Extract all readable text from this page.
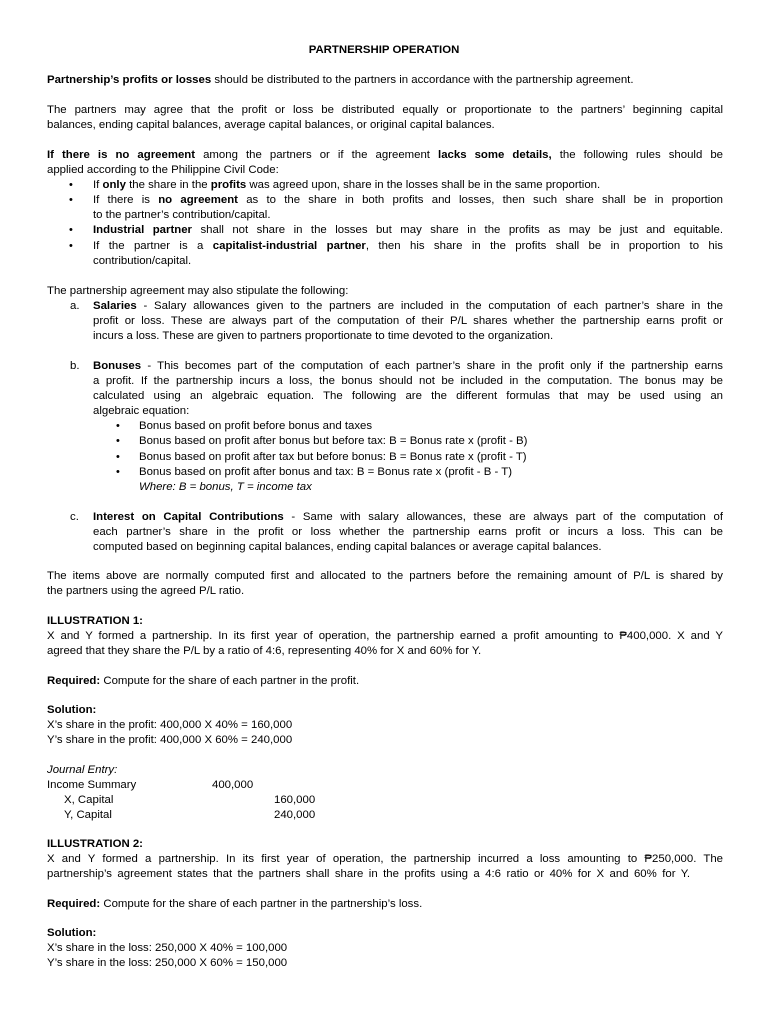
PARTNERSHIP OPERATION
Partnership’s profits or losses should be distributed to the partners in accordance with the partnership agreement.
The partners may agree that the profit or loss be distributed equally or proportionate to the partners’ beginning capital
balances, ending capital balances, average capital balances, or original capital balances.
If there is no agreement among the partners or if the agreement lacks some details, the following rules should be
applied according to the Philippine Civil Code:
• If only the share in the profits was agreed upon, share in the losses shall be in the same proportion.
• If there is no agreement as to the share in both profits and losses, then such share shall be in proportion
to the partner’s contribution/capital.
• Industrial partner shall not share in the losses but may share in the profits as may be just and equitable.
• If the partner is a capitalist-industrial partner, then his share in the profits shall be in proportion to his
contribution/capital.
The partnership agreement may also stipulate the following:
a. Salaries - Salary allowances given to the partners are included in the computation of each partner’s share in the
profit or loss. These are always part of the computation of their P/L shares whether the partnership earns profit or
incurs a loss. These are given to partners proportionate to time devoted to the organization.
b. Bonuses - This becomes part of the computation of each partner’s share in the profit only if the partnership earns
a profit. If the partnership incurs a loss, the bonus should not be included in the computation. The bonus may be
calculated using an algebraic equation. The following are the different formulas that may be used using an
algebraic equation:
• Bonus based on profit before bonus and taxes
• Bonus based on profit after bonus but before tax: B = Bonus rate x (profit - B)
• Bonus based on profit after tax but before bonus: B = Bonus rate x (profit - T)
• Bonus based on profit after bonus and tax: B = Bonus rate x (profit - B - T)
Where: B = bonus, T = income tax
c. Interest on Capital Contributions - Same with salary allowances, these are always part of the computation of
each partner’s share in the profit or loss whether the partnership earns profit or incurs a loss. This can be
computed based on beginning capital balances, ending capital balances or average capital balances.
The items above are normally computed first and allocated to the partners before the remaining amount of P/L is shared by
the partners using the agreed P/L ratio.
ILLUSTRATION 1:
X and Y formed a partnership. In its first year of operation, the partnership earned a profit amounting to ₱400,000. X and Y
agreed that they share the P/L by a ratio of 4:6, representing 40% for X and 60% for Y.
Required: Compute for the share of each partner in the profit.
Solution:
X’s share in the profit: 400,000 X 40% = 160,000
Y’s share in the profit: 400,000 X 60% = 240,000
Journal Entry:
Income Summary	400,000
X, Capital	160,000
Y, Capital	240,000
ILLUSTRATION 2:
X and Y formed a partnership. In its first year of operation, the partnership incurred a loss amounting to ₱250,000. The
partnership’s agreement states that the partners shall share in the profits using a 4:6 ratio or 40% for X and 60% for Y.
Required: Compute for the share of each partner in the partnership’s loss.
Solution:
X’s share in the loss: 250,000 X 40% = 100,000
Y’s share in the loss: 250,000 X 60% = 150,000
